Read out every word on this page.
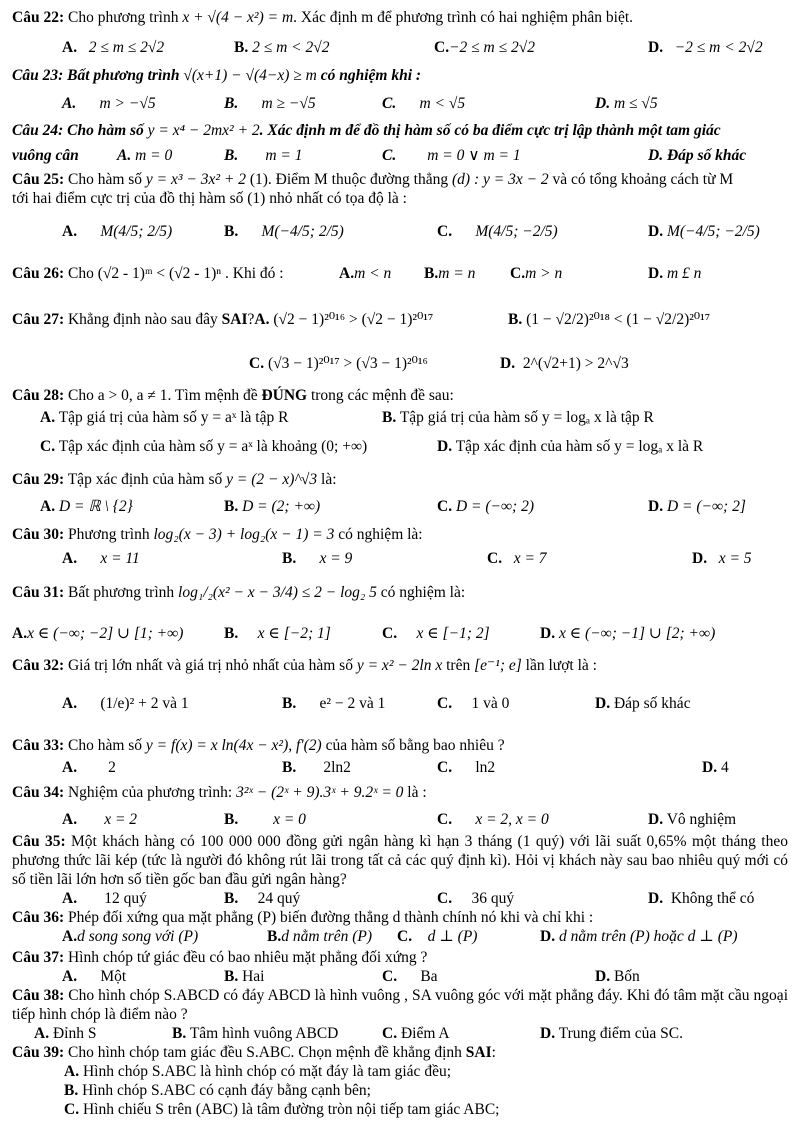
Câu 22: Cho phương trình x + √(4 − x²) = m. Xác định m để phương trình có hai nghiệm phân biệt.
A. 2 ≤ m ≤ 2√2	B. 2 ≤ m < 2√2	C.−2 ≤ m ≤ 2√2	D. −2 ≤ m < 2√2
Câu 23: Bất phương trình √(x+1) − √(4−x) ≥ m có nghiệm khi :
A. m > −√5	B. m ≥ −√5	C. m < √5	D. m ≤ √5
Câu 24: Cho hàm số y = x⁴ − 2mx² + 2. Xác định m để đồ thị hàm số có ba điểm cực trị lập thành một tam giác
vuông cân A. m = 0	B. m = 1	C. m = 0 ∨ m = 1	D. Đáp số khác
Câu 25: Cho hàm số y = x³ − 3x² + 2 (1). Điểm M thuộc đường thẳng (d) : y = 3x − 2 và có tổng khoảng cách từ M
tới hai điểm cực trị của đồ thị hàm số (1) nhỏ nhất có tọa độ là :
A. M(4/5; 2/5)	B. M(−4/5; 2/5)	C. M(4/5; −2/5)	D. M(−4/5; −2/5)
Câu 26: Cho (√2 - 1)ᵐ < (√2 - 1)ⁿ . Khi đó :	A.m < n B.m = n C.m > n	D. m £ n
Câu 27: Khẳng định nào sau đây SAI?A. (√2 − 1)²⁰¹⁶ > (√2 − 1)²⁰¹⁷	B. (1 − √2/2)²⁰¹⁸ < (1 − √2/2)²⁰¹⁷
C. (√3 − 1)²⁰¹⁷ > (√3 − 1)²⁰¹⁶	D. 2^(√2+1) > 2^√3
Câu 28: Cho a > 0, a ≠ 1. Tìm mệnh đề ĐÚNG trong các mệnh đề sau:
A. Tập giá trị của hàm số y = aˣ là tập R	B. Tập giá trị của hàm số y = logₐ x là tập R
C. Tập xác định của hàm số y = aˣ là khoảng (0; +∞)	D. Tập xác định của hàm số y = logₐ x là R
Câu 29: Tập xác định của hàm số y = (2 − x)^√3 là:
A. D = ℝ \ {2}	B. D = (2; +∞)	C. D = (−∞; 2)	D. D = (−∞; 2]
Câu 30: Phương trình log₂(x − 3) + log₂(x − 1) = 3 có nghiệm là:
A. x = 11	B. x = 9	C. x = 7	D. x = 5
Câu 31: Bất phương trình log₁/₂(x² − x − 3/4) ≤ 2 − log₂ 5 có nghiệm là:
A.x ∈ (−∞; −2] ∪ [1; +∞)	B. x ∈ [−2; 1]	C. x ∈ [−1; 2]	D. x ∈ (−∞; −1] ∪ [2; +∞)
Câu 32: Giá trị lớn nhất và giá trị nhỏ nhất của hàm số y = x² − 2ln x trên [e⁻¹; e] lần lượt là :
A. (1/e)² + 2 và 1	B. e² − 2 và 1	C. 1 và 0	D. Đáp số khác
Câu 33: Cho hàm số y = f(x) = x ln(4x − x²), f'(2) của hàm số bằng bao nhiêu ?
A. 2	B. 2ln2	C. ln2	D. 4
Câu 34: Nghiệm của phương trình: 3²ˣ − (2ˣ + 9).3ˣ + 9.2ˣ = 0 là :
A. x = 2	B. x = 0	C. x = 2, x = 0	D. Vô nghiệm
Câu 35: Một khách hàng có 100 000 000 đồng gửi ngân hàng kì hạn 3 tháng (1 quý) với lãi suất 0,65% một tháng theo phương thức lãi kép (tức là người đó không rút lãi trong tất cả các quý định kì). Hỏi vị khách này sau bao nhiêu quý mới có số tiền lãi lớn hơn số tiền gốc ban đầu gửi ngân hàng?
A. 12 quý	B. 24 quý	C. 36 quý	D. Không thể có
Câu 36: Phép đối xứng qua mặt phẳng (P) biến đường thẳng d thành chính nó khi và chỉ khi :
A.d song song với (P)	B.d nằm trên (P) C. d ⊥ (P)	D. d nằm trên (P) hoặc d ⊥ (P)
Câu 37: Hình chóp tứ giác đều có bao nhiêu mặt phẳng đối xứng ?
A. Một	B. Hai	C. Ba	D. Bốn
Câu 38: Cho hình chóp S.ABCD có đáy ABCD là hình vuông , SA vuông góc với mặt phẳng đáy. Khi đó tâm mặt cầu ngoại tiếp hình chóp là điểm nào ?
A. Đỉnh S	B. Tâm hình vuông ABCD	C. Điểm A	D. Trung điểm của SC.
Câu 39: Cho hình chóp tam giác đều S.ABC. Chọn mệnh đề khẳng định SAI:
A. Hình chóp S.ABC là hình chóp có mặt đáy là tam giác đều;
B. Hình chóp S.ABC có cạnh đáy bằng cạnh bên;
C. Hình chiếu S trên (ABC) là tâm đường tròn nội tiếp tam giác ABC;
